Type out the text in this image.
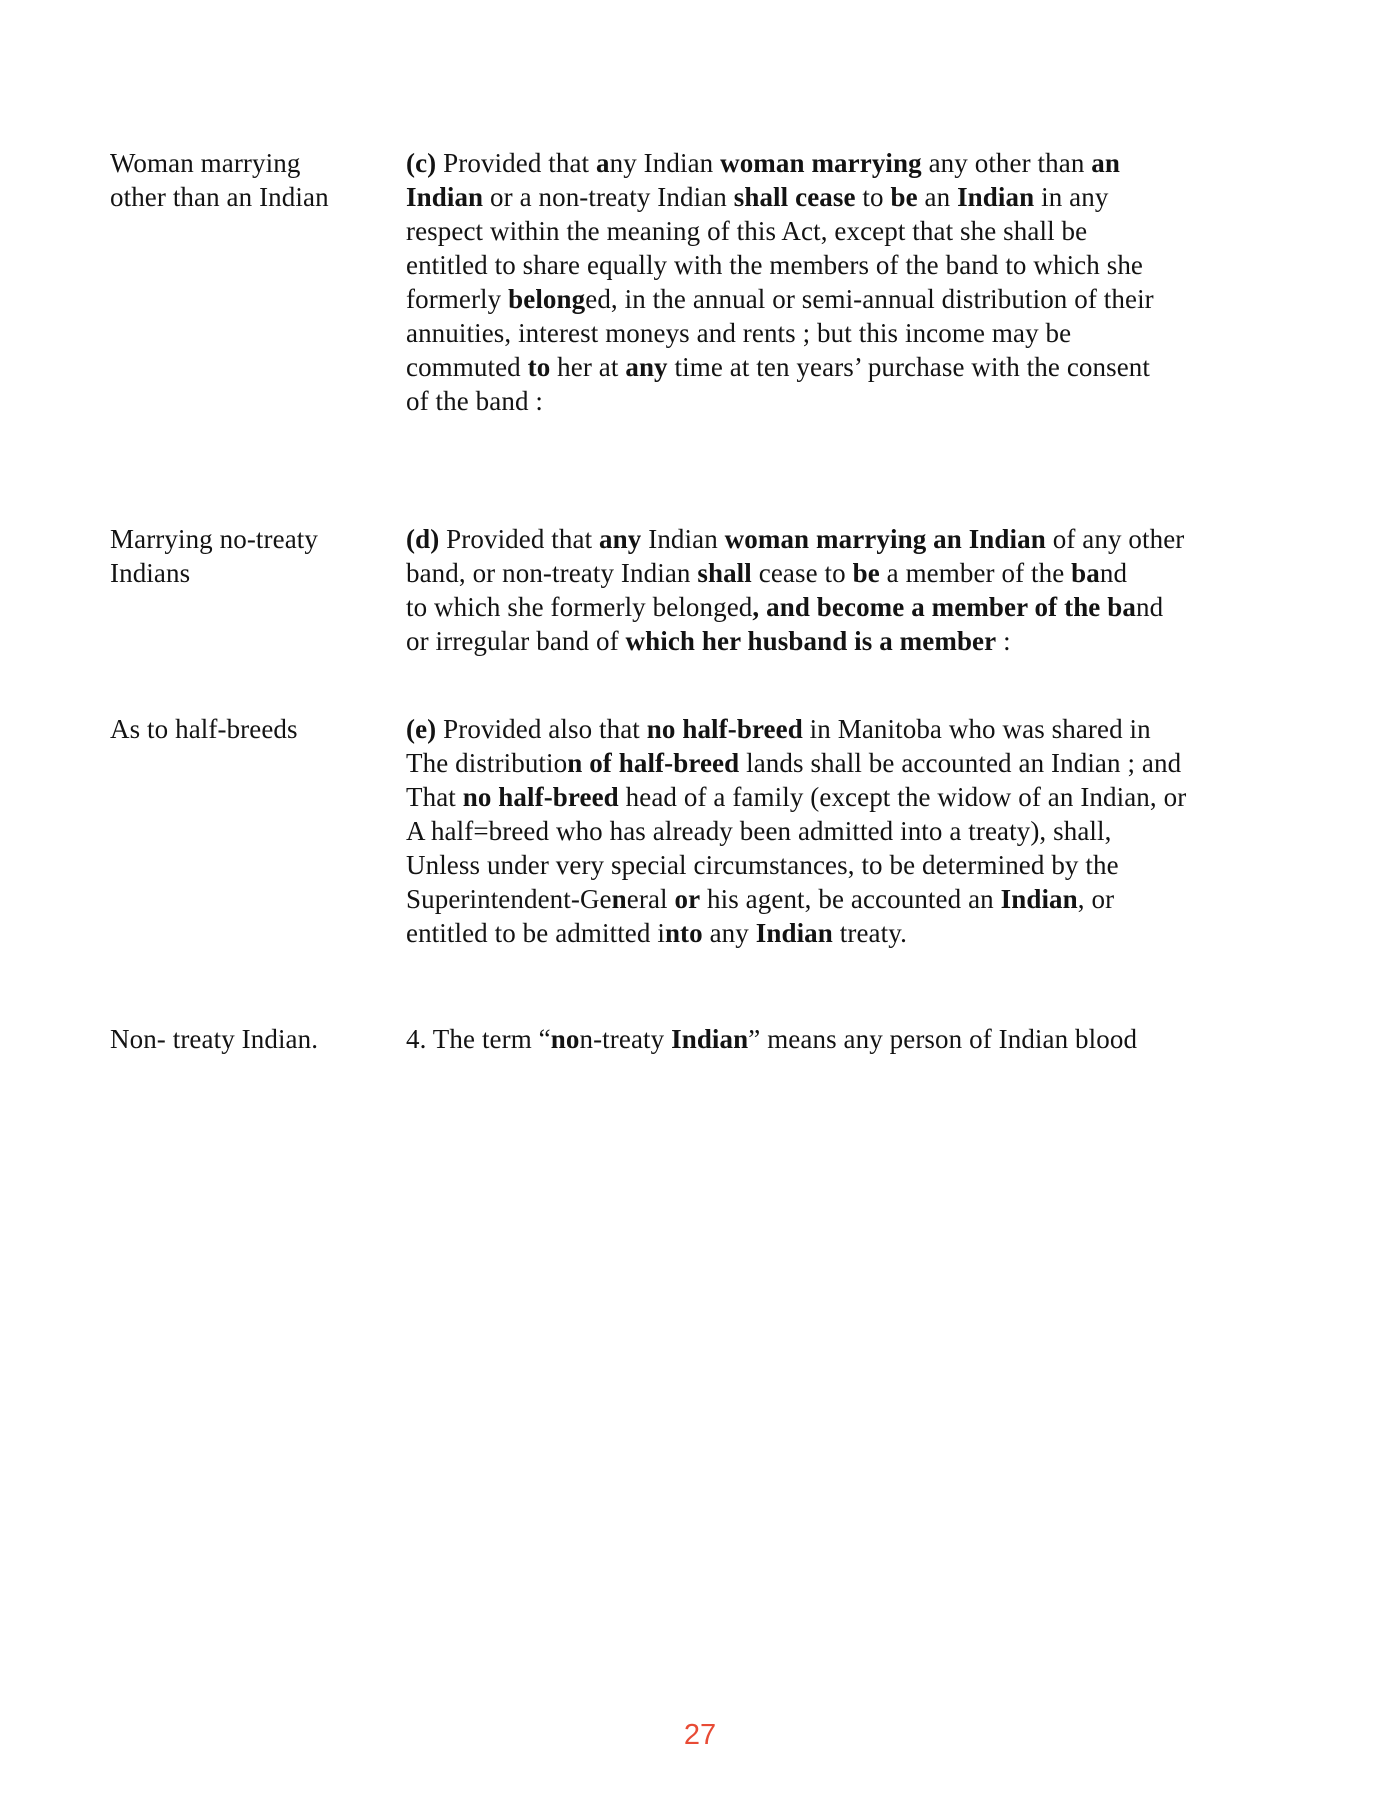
Woman marrying
other than an Indian
(c) Provided that any Indian woman marrying any other than an
Indian or a non-treaty Indian shall cease to be an Indian in any
respect within the meaning of this Act, except that she shall be
entitled to share equally with the members of the band to which she
formerly belonged, in the annual or semi-annual distribution of their
annuities, interest moneys and rents ; but this income may be
commuted to her at any time at ten years’ purchase with the consent
of the band :
Marrying no-treaty
Indians
(d) Provided that any Indian woman marrying an Indian of any other
band, or non-treaty Indian shall cease to be a member of the band
to which she formerly belonged, and become a member of the band
or irregular band of which her husband is a member :
As to half-breeds	(e) Provided also that no half-breed in Manitoba who was shared in
The distribution of half-breed lands shall be accounted an Indian ; and
That no half-breed head of a family (except the widow of an Indian, or
A half=breed who has already been admitted into a treaty), shall,
Unless under very special circumstances, to be determined by the
Superintendent-General or his agent, be accounted an Indian, or
entitled to be admitted into any Indian treaty.
Non- treaty Indian.	4. The term “non-treaty Indian” means any person of Indian blood
27
